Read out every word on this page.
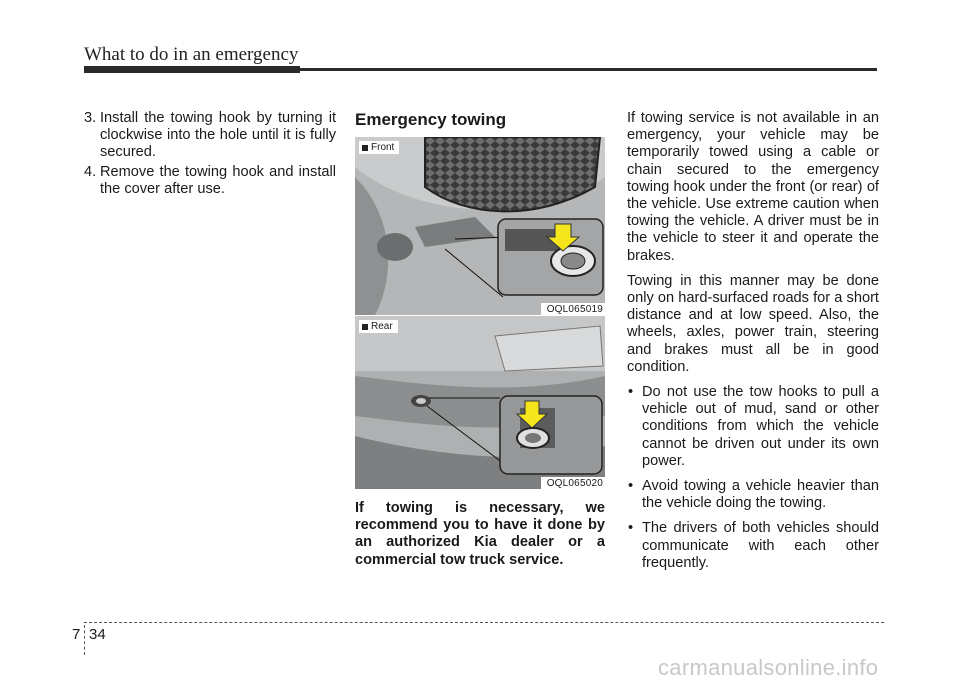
What to do in an emergency
3. Install the towing hook by turning it clockwise into the hole until it is fully secured.
4. Remove the towing hook and install the cover after use.
Emergency towing
Front
OQL065019
Rear
OQL065020
If towing is necessary, we recommend you to have it done by an authorized Kia dealer or a commercial tow truck service.

If towing service is not available in an emergency, your vehicle may be temporarily towed using a cable or chain secured to the emergency towing hook under the front (or rear) of the vehicle. Use extreme caution when towing the vehicle. A driver must be in the vehicle to steer it and operate the brakes.

Towing in this manner may be done only on hard-surfaced roads for a short distance and at low speed. Also, the wheels, axles, power train, steering and brakes must all be in good condition.

• Do not use the tow hooks to pull a vehicle out of mud, sand or other conditions from which the vehicle cannot be driven out under its own power.
• Avoid towing a vehicle heavier than the vehicle doing the towing.
• The drivers of both vehicles should communicate with each other frequently.
7 34
carmanualsonline.info
